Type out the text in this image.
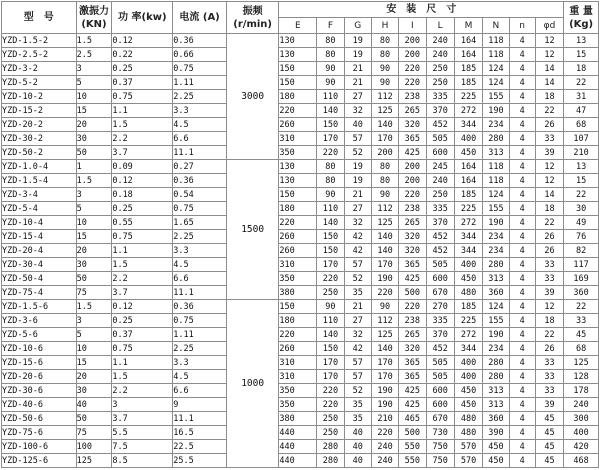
型　号	激振力(KN)	功 率(kw)	电流 (A)	振频(r/min)	安　装　尺　寸										重 量(Kg)
					E	F	G	H	I	L	M	N	n	φd	
YZD-1.5-2	1.5	0.12	0.36	3000	130	80	19	80	200	240	164	118	4	12	13
YZD-2.5-2	2.5	0.22	0.66		130	80	19	80	200	240	164	118	4	12	15
YZD-3-2	3	0.25	0.75		150	90	21	90	220	250	185	124	4	14	18
YZD-5-2	5	0.37	1.11		150	90	21	90	220	250	185	124	4	14	22
YZD-10-2	10	0.75	2.25		180	110	27	112	238	335	225	155	4	18	31
YZD-15-2	15	1.1	3.3		220	140	32	125	265	370	272	190	4	22	47
YZD-20-2	20	1.5	4.5		260	150	40	140	320	452	344	234	4	26	68
YZD-30-2	30	2.2	6.6		310	170	57	170	365	505	400	280	4	33	107
YZD-50-2	50	3.7	11.1		350	220	52	200	425	600	450	313	4	39	210
YZD-1.0-4	1	0.09	0.27	1500	130	80	19	80	200	245	164	118	4	12	13
YZD-1.5-4	1.5	0.12	0.36		130	80	19	80	200	240	164	118	4	12	15
YZD-3-4	3	0.18	0.54		150	90	21	90	220	250	185	124	4	14	22
YZD-5-4	5	0.25	0.75		180	110	27	112	238	335	225	155	4	18	30
YZD-10-4	10	0.55	1.65		220	140	32	125	265	370	272	190	4	22	49
YZD-15-4	15	0.75	2.25		260	150	42	140	320	452	344	234	4	26	76
YZD-20-4	20	1.1	3.3		260	150	42	140	320	452	344	234	4	26	82
YZD-30-4	30	1.5	4.5		310	170	57	170	365	505	400	280	4	33	117
YZD-50-4	50	2.2	6.6		350	220	52	190	425	600	450	313	4	33	169
YZD-75-4	75	3.7	11.1		380	250	35	220	500	670	480	360	4	39	360
YZD-1.5-6	1.5	0.12	0.36	1000	150	90	21	90	220	270	185	124	4	12	22
YZD-3-6	3	0.25	0.75		180	110	27	112	238	335	225	155	4	18	33
YZD-5-6	5	0.37	1.11		220	140	32	125	265	370	272	190	4	22	45
YZD-10-6	10	0.75	2.25		260	150	42	140	320	452	344	234	4	26	68
YZD-15-6	15	1.1	3.3		310	170	57	170	365	505	400	280	4	33	125
YZD-20-6	20	1.5	4.5		310	170	57	170	365	505	400	280	4	33	128
YZD-30-6	30	2.2	6.6		350	220	52	190	425	600	450	313	4	33	178
YZD-40-6	40	3	9		350	220	35	190	425	600	450	313	4	39	240
YZD-50-6	50	3.7	11.1		380	250	35	210	465	670	480	360	4	45	300
YZD-75-6	75	5.5	16.5		440	250	40	220	500	730	480	390	4	45	400
YZD-100-6	100	7.5	22.5		440	280	40	240	550	750	570	450	4	45	420
YZD-125-6	125	8.5	25.5		440	280	40	240	550	750	570	450	4	45	468
